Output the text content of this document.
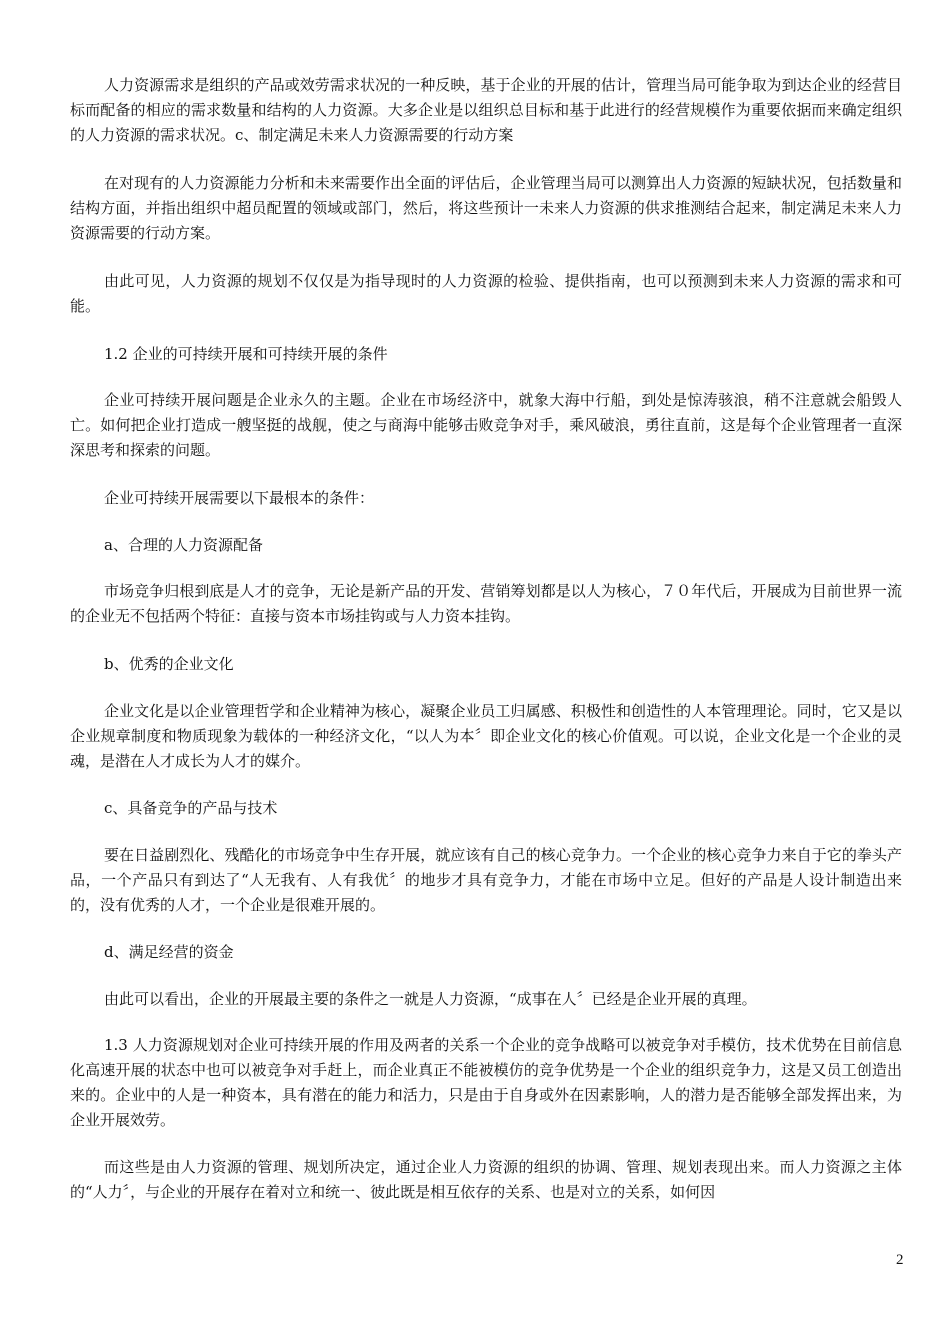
人力资源需求是组织的产品或效劳需求状况的一种反映，基于企业的开展的估计，管理当局可能争取为到达企业的经营目标而配备的相应的需求数量和结构的人力资源。大多企业是以组织总目标和基于此进行的经营规模作为重要依据而来确定组织的人力资源的需求状况。c、制定满足未来人力资源需要的行动方案

在对现有的人力资源能力分析和未来需要作出全面的评估后，企业管理当局可以测算出人力资源的短缺状况，包括数量和结构方面，并指出组织中超员配置的领域或部门，然后，将这些预计一未来人力资源的供求推测结合起来，制定满足未来人力资源需要的行动方案。

由此可见，人力资源的规划不仅仅是为指导现时的人力资源的检验、提供指南，也可以预测到未来人力资源的需求和可能。

1.2 企业的可持续开展和可持续开展的条件

企业可持续开展问题是企业永久的主题。企业在市场经济中，就象大海中行船，到处是惊涛骇浪，稍不注意就会船毁人亡。如何把企业打造成一艘坚挺的战舰，使之与商海中能够击败竞争对手，乘风破浪，勇往直前，这是每个企业管理者一直深深思考和探索的问题。

企业可持续开展需要以下最根本的条件：

a、合理的人力资源配备

市场竞争归根到底是人才的竞争，无论是新产品的开发、营销筹划都是以人为核心，７０年代后，开展成为目前世界一流的企业无不包括两个特征：直接与资本市场挂钩或与人力资本挂钩。

b、优秀的企业文化

企业文化是以企业管理哲学和企业精神为核心，凝聚企业员工归属感、积极性和创造性的人本管理理论。同时，它又是以企业规章制度和物质现象为载体的一种经济文化，“以人为本〞即企业文化的核心价值观。可以说，企业文化是一个企业的灵魂，是潜在人才成长为人才的媒介。

c、具备竞争的产品与技术

要在日益剧烈化、残酷化的市场竞争中生存开展，就应该有自己的核心竞争力。一个企业的核心竞争力来自于它的拳头产品，一个产品只有到达了“人无我有、人有我优〞的地步才具有竞争力，才能在市场中立足。但好的产品是人设计制造出来的，没有优秀的人才，一个企业是很难开展的。

d、满足经营的资金

由此可以看出，企业的开展最主要的条件之一就是人力资源，“成事在人〞已经是企业开展的真理。

1.3 人力资源规划对企业可持续开展的作用及两者的关系一个企业的竞争战略可以被竞争对手模仿，技术优势在目前信息化高速开展的状态中也可以被竞争对手赶上，而企业真正不能被模仿的竞争优势是一个企业的组织竞争力，这是又员工创造出来的。企业中的人是一种资本，具有潜在的能力和活力，只是由于自身或外在因素影响，人的潜力是否能够全部发挥出来，为企业开展效劳。

而这些是由人力资源的管理、规划所决定，通过企业人力资源的组织的协调、管理、规划表现出来。而人力资源之主体的“人力〞，与企业的开展存在着对立和统一、彼此既是相互依存的关系、也是对立的关系，如何因

2
